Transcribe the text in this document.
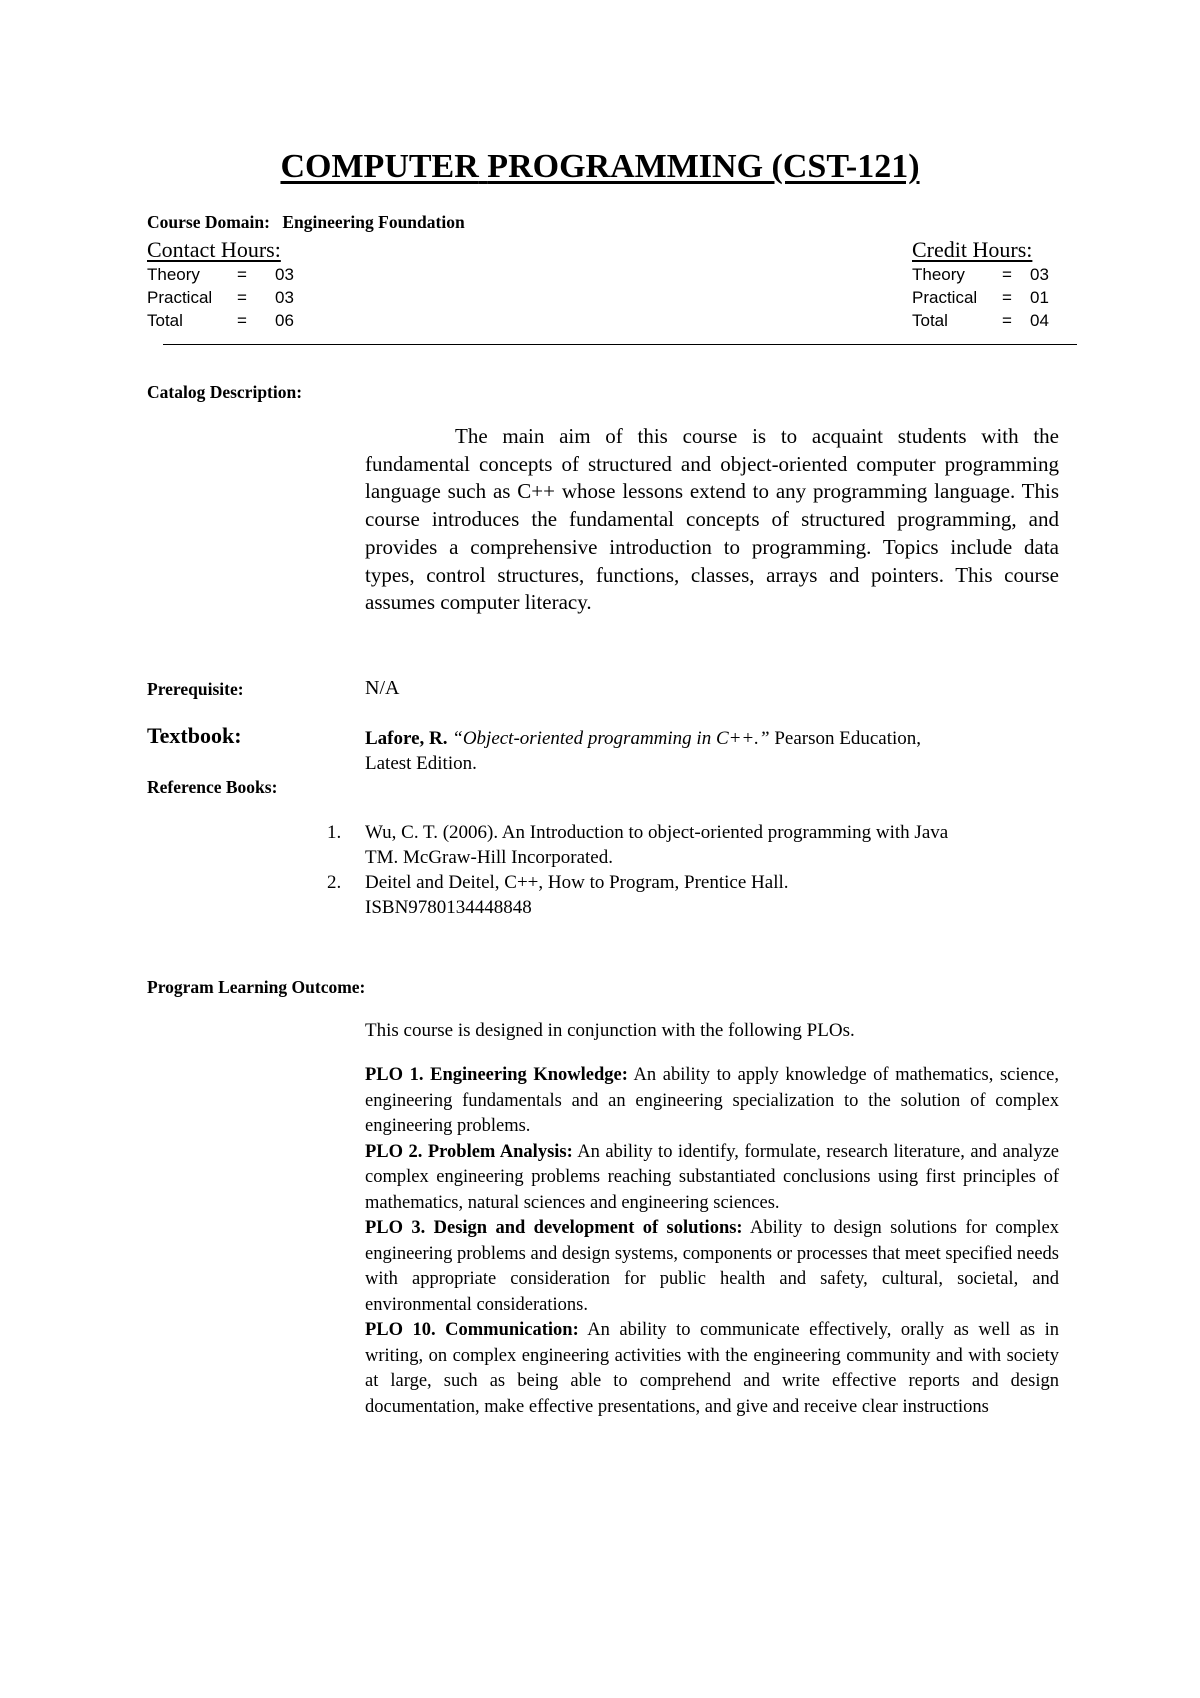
COMPUTER PROGRAMMING (CST-121)
Course Domain: Engineering Foundation
Contact Hours:
Theory = 03
Practical = 03
Total	= 06
Credit Hours:
Theory = 03
Practical = 01
Total	= 04
Catalog Description:
The main aim of this course is to acquaint students with the fundamental concepts of structured and object-oriented computer programming language such as C++ whose lessons extend to any programming language. This course introduces the fundamental concepts of structured programming, and provides a comprehensive introduction to programming. Topics include data types, control structures, functions, classes, arrays and pointers. This course assumes computer literacy.
Prerequisite:	N/A
Textbook:	Lafore, R. “Object-oriented programming in C++.” Pearson Education,
Latest Edition.
Reference Books:
1. Wu, C. T. (2006). An Introduction to object-oriented programming with Java
TM. McGraw-Hill Incorporated.
2. Deitel and Deitel, C++, How to Program, Prentice Hall.
ISBN9780134448848
Program Learning Outcome:
This course is designed in conjunction with the following PLOs.

PLO 1. Engineering Knowledge: An ability to apply knowledge of mathematics, science, engineering fundamentals and an engineering specialization to the solution of complex engineering problems.

PLO 2. Problem Analysis: An ability to identify, formulate, research literature, and analyze complex engineering problems reaching substantiated conclusions using first principles of mathematics, natural sciences and engineering sciences.

PLO 3. Design and development of solutions: Ability to design solutions for complex engineering problems and design systems, components or processes that meet specified needs with appropriate consideration for public health and safety, cultural, societal, and environmental considerations.

PLO 10. Communication: An ability to communicate effectively, orally as well as in writing, on complex engineering activities with the engineering community and with society at large, such as being able to comprehend and write effective reports and design documentation, make effective presentations, and give and receive clear instructions
